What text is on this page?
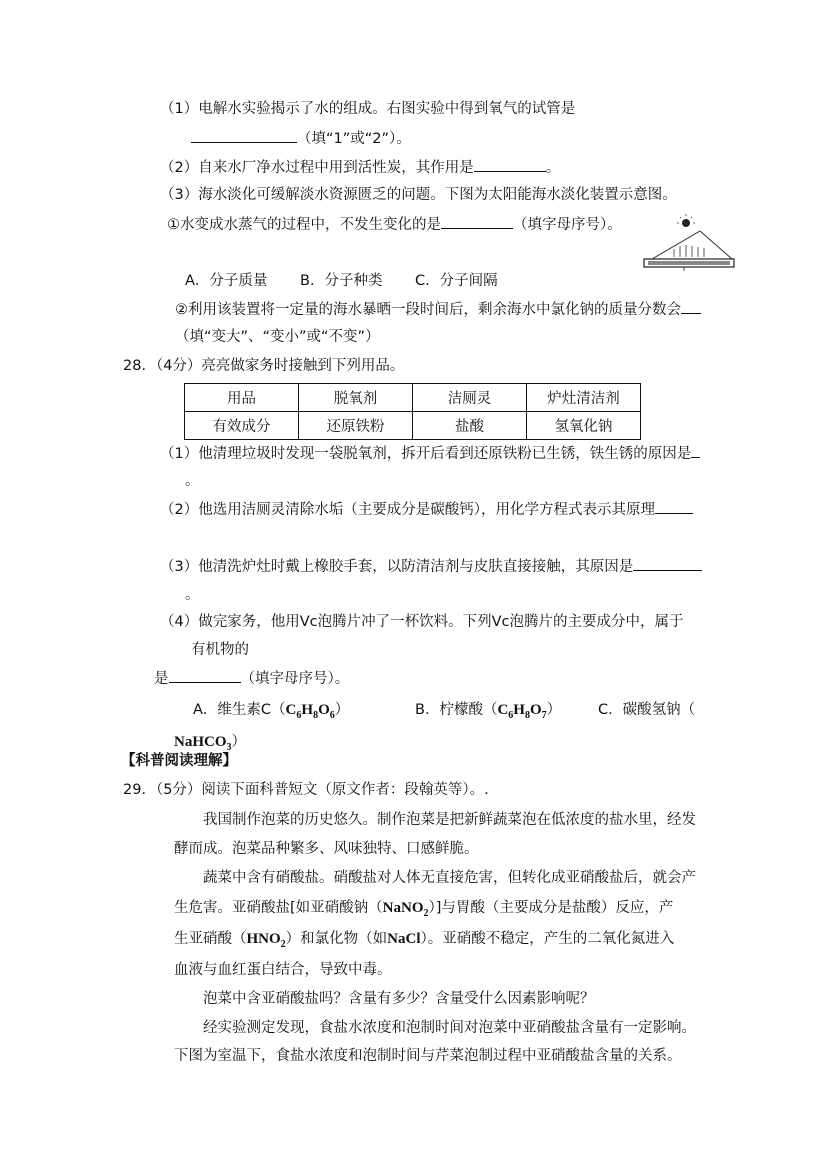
（1）电解水实验揭示了水的组成。右图实验中得到氧气的试管是
（填“1”或“2”）。
（2）自来水厂净水过程中用到活性炭，其作用是	。
（3）海水淡化可缓解淡水资源匮乏的问题。下图为太阳能海水淡化装置示意图。
①水变成水蒸气的过程中，不发生变化的是	（填字母序号）。
A．分子质量 B．分子种类 C．分子间隔
②利用该装置将一定量的海水暴晒一段时间后，剩余海水中氯化钠的质量分数会
（填“变大”、“变小”或“不变”）
28．（4分）亮亮做家务时接触到下列用品。
用品	脱氧剂	洁厕灵	炉灶清洁剂
有效成分	还原铁粉	盐酸	氢氧化钠
（1）他清理垃圾时发现一袋脱氧剂，拆开后看到还原铁粉已生锈，铁生锈的原因是
。
（2）他选用洁厕灵清除水垢（主要成分是碳酸钙），用化学方程式表示其原理
（3）他清洗炉灶时戴上橡胶手套，以防清洁剂与皮肤直接接触，其原因是
。
（4）做完家务，他用Vc泡腾片冲了一杯饮料。下列Vc泡腾片的主要成分中，属于
有机物的
是	（填字母序号）。
A．维生素$C(C_6H_8O_6)$	B．柠檬酸$(C_6H_8O_7)$	C．碳酸氢钠（
NaHCO$_3$）
【科普阅读理解】
29．（5分）阅读下面科普短文（原文作者：段翰英等）。.
我国制作泡菜的历史悠久。制作泡菜是把新鲜蔬菜泡在低浓度的盐水里，经发
酵而成。泡菜品种繁多、风味独特、口感鲜脆。
蔬菜中含有硝酸盐。硝酸盐对人体无直接危害，但转化成亚硝酸盐后，就会产
生危害。亚硝酸盐[如亚硝酸钠（NaNO$_2$）]与胃酸（主要成分是盐酸）反应，产
生亚硝酸$(HNO_2)$和氯化物（如NaCl）。亚硝酸不稳定，产生的二氧化氮进入
血液与血红蛋白结合，导致中毒。
泡菜中含亚硝酸盐吗？含量有多少？含量受什么因素影响呢？
经实验测定发现，食盐水浓度和泡制时间对泡菜中亚硝酸盐含量有一定影响。
下图为室温下，食盐水浓度和泡制时间与芹菜泡制过程中亚硝酸盐含量的关系。
